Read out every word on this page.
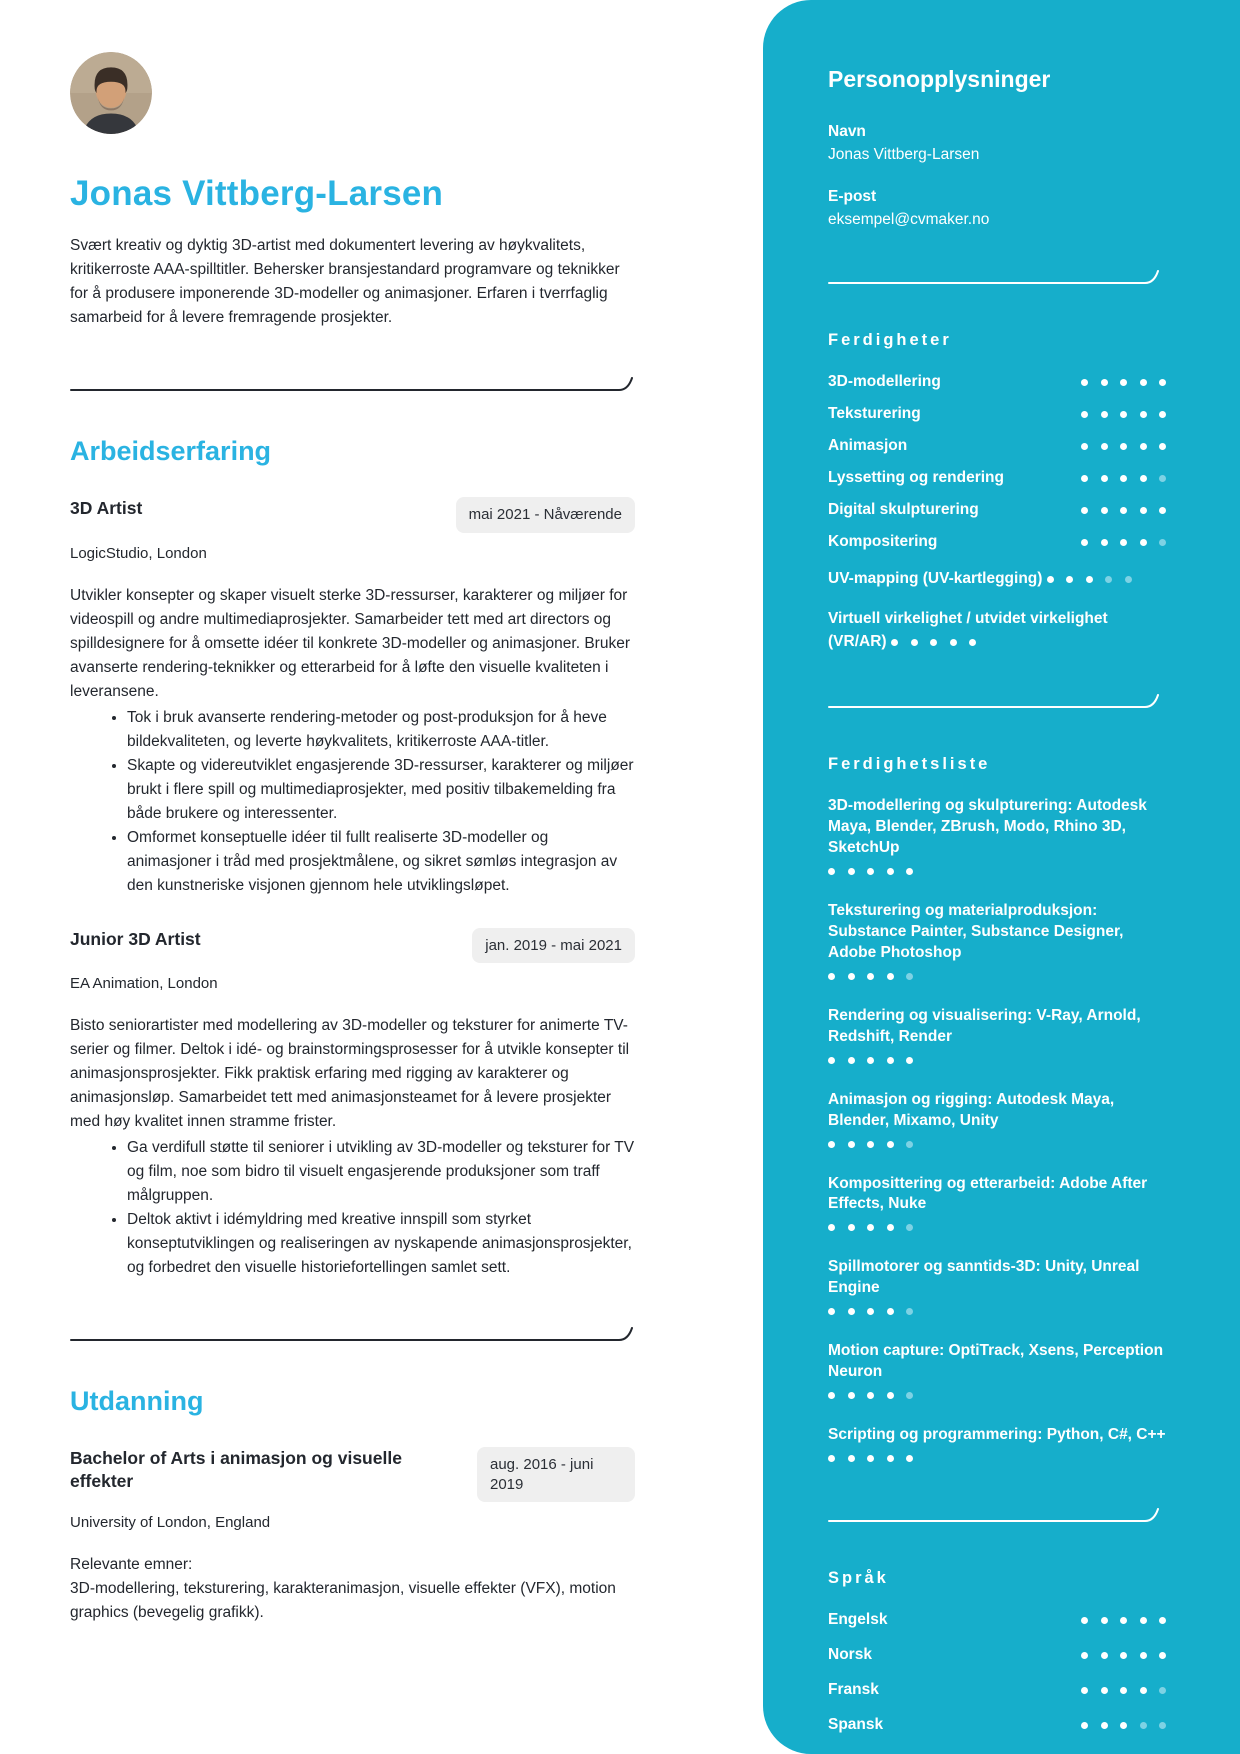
Jonas Vittberg-Larsen

Svært kreativ og dyktig 3D-artist med dokumentert levering av høykvalitets, kritikerroste AAA-spilltitler. Behersker bransjestandard programvare og teknikker for å produsere imponerende 3D-modeller og animasjoner. Erfaren i tverrfaglig samarbeid for å levere fremragende prosjekter.

Arbeidserfaring
3D Artist	mai 2021 - Nåværende
LogicStudio, London

Utvikler konsepter og skaper visuelt sterke 3D-ressurser, karakterer og miljøer for videospill og andre multimediaprosjekter. Samarbeider tett med art directors og spilldesignere for å omsette idéer til konkrete 3D-modeller og animasjoner. Bruker avanserte rendering-teknikker og etterarbeid for å løfte den visuelle kvaliteten i leveransene.

• Tok i bruk avanserte rendering-metoder og post-produksjon for å heve bildekvaliteten, og leverte høykvalitets, kritikerroste AAA-titler.
• Skapte og videreutviklet engasjerende 3D-ressurser, karakterer og miljøer brukt i flere spill og multimediaprosjekter, med positiv tilbakemelding fra både brukere og interessenter.
• Omformet konseptuelle idéer til fullt realiserte 3D-modeller og animasjoner i tråd med prosjektmålene, og sikret sømløs integrasjon av den kunstneriske visjonen gjennom hele utviklingsløpet.
Junior 3D Artist	jan. 2019 - mai 2021
EA Animation, London

Bisto seniorartister med modellering av 3D-modeller og teksturer for animerte TV-serier og filmer. Deltok i idé- og brainstormingsprosesser for å utvikle konsepter til animasjonsprosjekter. Fikk praktisk erfaring med rigging av karakterer og animasjonsløp. Samarbeidet tett med animasjonsteamet for å levere prosjekter med høy kvalitet innen stramme frister.

• Ga verdifull støtte til seniorer i utvikling av 3D-modeller og teksturer for TV og film, noe som bidro til visuelt engasjerende produksjoner som traff målgruppen.
• Deltok aktivt i idémyldring med kreative innspill som styrket konseptutviklingen og realiseringen av nyskapende animasjonsprosjekter, og forbedret den visuelle historiefortellingen samlet sett.
Utdanning
Bachelor of Arts i animasjon og visuelle effekter
aug. 2016 - juni 2019
University of London, England

Relevante emner:
3D-modellering, teksturering, karakteranimasjon, visuelle effekter (VFX), motion graphics (bevegelig grafikk).

Personopplysninger
Navn
Jonas Vittberg-Larsen
E-post
eksempel@cvmaker.no
Ferdigheter
3D-modellering
Teksturering
Animasjon
Lyssetting og rendering
Digital skulpturering
Kompositering
UV-mapping (UV-kartlegging)
Virtuell virkelighet / utvidet virkelighet (VR/AR)
Ferdighetsliste
3D-modellering og skulpturering: Autodesk Maya, Blender, ZBrush, Modo, Rhino 3D, SketchUp
Teksturering og materialproduksjon: Substance Painter, Substance Designer, Adobe Photoshop
Rendering og visualisering: V-Ray, Arnold, Redshift, Render
Animasjon og rigging: Autodesk Maya, Blender, Mixamo, Unity
Komposittering og etterarbeid: Adobe After Effects, Nuke
Spillmotorer og sanntids-3D: Unity, Unreal Engine
Motion capture: OptiTrack, Xsens, Perception Neuron
Scripting og programmering: Python, C#, C++
Språk
Engelsk
Norsk
Fransk
Spansk
